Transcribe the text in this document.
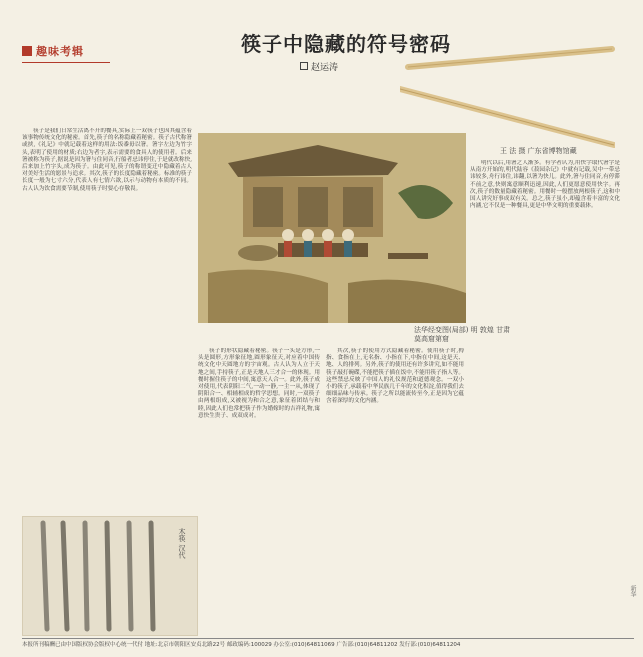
趣味考辑	筷子中隐藏的符号密码
赵运涛
王 法 摄 广东省博物馆藏
法华经变图(局部) 明 敦煌 甘肃莫高窟第窟
木筷 汉代

筷子是我们日常生活离不开的餐具,实际上一双筷子也因其蕴含着该事物传统文化的秘密。首先,筷子的名称隐藏着秘密。筷子古代称箸或挟,《礼记》中就记载着这样的用法:饭黍毋以箸。箸字左边为竹字头,表明了使用的材质;右边为者字,表示需要的食具人的使用者。后来箸被称为筷子,据说是因为箸与住同音,行船者忌讳停住,于是就改称快,后来加上竹字头,成为筷子。由此可见,筷子的称谓变迁中隐藏着古人对美好生活的愿景与追求。其次,筷子的长度隐藏着秘密。标准的筷子长度一般为七寸六分,代表人有七情六欲,以示与动物有本质的不同。古人认为饮食需要节制,使用筷子时要心存敬畏。

筷子的形状隐藏着秘密。筷子一头是方形,一头是圆形,方形象征地,圆形象征天,对应着中国传统文化中天圆地方的宇宙观。古人认为人立于天地之间,手持筷子,正是天地人三才合一的体现。用餐时握住筷子的中间,寓意天人合一。此外,筷子成对使用,代表阴阳二气,一动一静,一主一从,体现了阴阳合一、相辅相成的哲学思想。同时,一双筷子由两根组成,又被视为和合之意,象征着团结与和睦,因此人们也常把筷子作为婚嫁时的吉祥礼物,寓意快生贵子、成双成对。

其次,筷子的使用方式隐藏着秘密。使用筷子时,拇指、食指在上,无名指、小指在下,中指在中间,这是天、地、人的排列。另外,筷子的使用还有许多讲究,如不能用筷子敲打碗碟,不能把筷子插在饭中,不能用筷子指人等。这些禁忌反映了中国人的礼仪规范和道德观念。一双小小的筷子,承载着中华民族几千年的文化积淀,值得我们去细细品味与传承。筷子之所以能流传至今,正是因为它蕴含着深厚的文化内涵。

明代以后,用箸之人渐多。有学者认为,用快字取代箸字是从南方开始的,明代陆容《菽园杂记》中就有记载,吴中一带忌讳较多,舟行讳住,讳翻,以箸为快儿。此外,箸与住同音,有停滞不前之意,快则寓意顺利迅速,因此,人们更愿意使用快字。再次,筷子的数量隐藏着秘密。用餐时一般摆放两根筷子,这和中国人讲究好事成双有关。总之,筷子虽小,却蕴含着丰富的文化内涵,它不仅是一种餐具,更是中华文明的重要载体。

新华
本报所刊稿酬已由中国版权协会版权中心统一代付 地址:北京市朝阳区安贞北路22号 邮政编码:100029 办公室:(010)64811069 广告部:(010)64811202 发行部:(010)64811204
